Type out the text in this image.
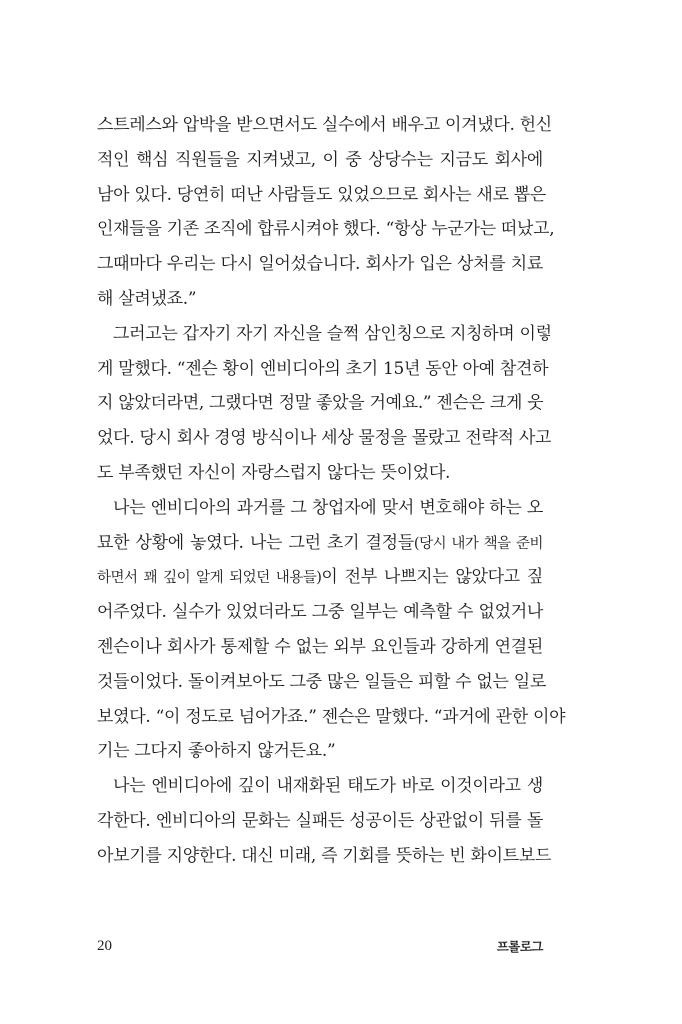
스트레스와 압박을 받으면서도 실수에서 배우고 이겨냈다. 헌신
적인 핵심 직원들을 지켜냈고, 이 중 상당수는 지금도 회사에
남아 있다. 당연히 떠난 사람들도 있었으므로 회사는 새로 뽑은
인재들을 기존 조직에 합류시켜야 했다. “항상 누군가는 떠났고,
그때마다 우리는 다시 일어섰습니다. 회사가 입은 상처를 치료
해 살려냈죠.”
그러고는 갑자기 자기 자신을 슬쩍 삼인칭으로 지칭하며 이렇
게 말했다. “젠슨 황이 엔비디아의 초기 15년 동안 아예 참견하
지 않았더라면, 그랬다면 정말 좋았을 거예요.” 젠슨은 크게 웃
었다. 당시 회사 경영 방식이나 세상 물정을 몰랐고 전략적 사고
도 부족했던 자신이 자랑스럽지 않다는 뜻이었다.
나는 엔비디아의 과거를 그 창업자에 맞서 변호해야 하는 오
묘한 상황에 놓였다. 나는 그런 초기 결정들(당시 내가 책을 준비
하면서 꽤 깊이 알게 되었던 내용들)이 전부 나쁘지는 않았다고 짚
어주었다. 실수가 있었더라도 그중 일부는 예측할 수 없었거나
젠슨이나 회사가 통제할 수 없는 외부 요인들과 강하게 연결된
것들이었다. 돌이켜보아도 그중 많은 일들은 피할 수 없는 일로
보였다. “이 정도로 넘어가죠.” 젠슨은 말했다. “과거에 관한 이야
기는 그다지 좋아하지 않거든요.”
나는 엔비디아에 깊이 내재화된 태도가 바로 이것이라고 생
각한다. 엔비디아의 문화는 실패든 성공이든 상관없이 뒤를 돌
아보기를 지양한다. 대신 미래, 즉 기회를 뜻하는 빈 화이트보드
20	프롤로그
